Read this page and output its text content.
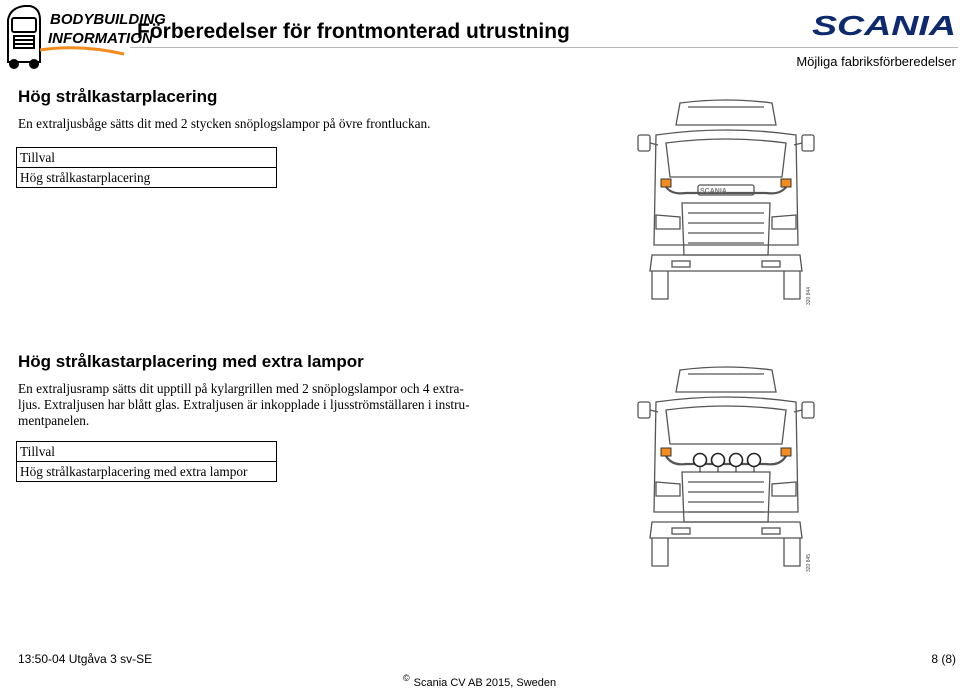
BODYBUILDING
INFORMATION
Förberedelser för frontmonterad utrustning	SCANIA
Möjliga fabriksförberedelser
Hög strålkastarplacering
En extraljusbåge sätts dit med 2 stycken snöplogslampor på övre frontluckan.
Tillval
Hög strålkastarplacering
SCANIA
320 844
Hög strålkastarplacering med extra lampor
En extraljusramp sätts dit upptill på kylargrillen med 2 snöplogslampor och 4 extra-
ljus. Extraljusen har blått glas. Extraljusen är inkopplade i ljusströmställaren i instru-
mentpanelen.
Tillval
Hög strålkastarplacering med extra lampor
320 845
13:50-04 Utgåva 3 sv-SE	8 (8)
© Scania CV AB 2015, Sweden
